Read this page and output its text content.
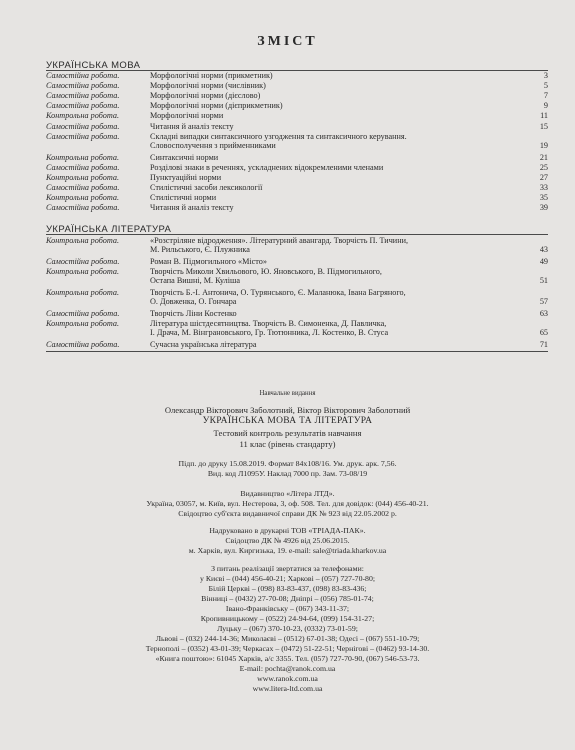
ЗМІСТ
УКРАЇНСЬКА МОВА
Самостійна робота.	Морфологічні норми (прикметник)	3
Самостійна робота.	Морфологічні норми (числівник)	5
Самостійна робота.	Морфологічні норми (дієслово)	7
Самостійна робота.	Морфологічні норми (дієприкметник)	9
Контрольна робота.	Морфологічні норми	11
Самостійна робота.	Читання й аналіз тексту	15
Самостійна робота.	Складні випадки синтаксичного узгодження та синтаксичного керування.
Словосполучення з прийменниками	19
Контрольна робота.	Синтаксичні норми	21
Самостійна робота.	Розділові знаки в реченнях, ускладнених відокремленими членами	25
Контрольна робота.	Пунктуаційні норми	27
Самостійна робота.	Стилістичні засоби лексикології	33
Контрольна робота.	Стилістичні норми	35
Самостійна робота.	Читання й аналіз тексту	39
УКРАЇНСЬКА ЛІТЕРАТУРА
Контрольна робота.	«Розстріляне відродження». Літературний авангард. Творчість П. Тичини,
М. Рильського, Є. Плужника	43
Самостійна робота.	Роман В. Підмогильного «Місто»	49
Контрольна робота.	Творчість Миколи Хвильового, Ю. Яновського, В. Підмогильного,
Остапа Вишні, М. Куліша	51
Контрольна робота.	Творчість Б.-І. Антонича, О. Турянського, Є. Маланюка, Івана Багряного,
О. Довженка, О. Гончара	57
Самостійна робота.	Творчість Ліни Костенко	63
Контрольна робота.	Література шістдесятництва. Творчість В. Симоненка, Д. Павличка,
І. Драча, М. Вінграновського, Гр. Тютюнника, Л. Костенко, В. Стуса	65
Самостійна робота.	Сучасна українська література	71
Навчальне видання
Олександр Вікторович Заболотний, Віктор Вікторович Заболотний
УКРАЇНСЬКА МОВА ТА ЛІТЕРАТУРА
Тестовий контроль результатів навчання
11 клас (рівень стандарту)
Підп. до друку 15.08.2019. Формат 84х108/16. Ум. друк. арк. 7,56.
Вид. код Л1095У. Наклад 7000 пр. Зам. 73-08/19
Видавництво «Літера ЛТД».
Україна, 03057, м. Київ, вул. Нестерова, 3, оф. 508. Тел. для довідок: (044) 456-40-21.
Свідоцтво суб'єкта видавничої справи ДК № 923 від 22.05.2002 р.
Надруковано в друкарні ТОВ «ТРІАДА-ПАК».
Свідоцтво ДК № 4926 від 25.06.2015.
м. Харків, вул. Киргизька, 19. e-mail: sale@triada.kharkov.ua
З питань реалізації звертатися за телефонами:
у Києві – (044) 456-40-21; Харкові – (057) 727-70-80;
Білій Церкві – (098) 83-83-437, (098) 83-83-436;
Вінниці – (0432) 27-70-08; Дніпрі – (056) 785-01-74;
Івано-Франківську – (067) 343-11-37;
Кропивницькому – (0522) 24-94-64, (099) 154-31-27;
Луцьку – (067) 370-10-23, (0332) 73-01-59;
Львові – (032) 244-14-36; Миколаєві – (0512) 67-01-38; Одесі – (067) 551-10-79;
Тернополі – (0352) 43-01-39; Черкасах – (0472) 51-22-51; Чернігові – (0462) 93-14-30.
«Книга поштою»: 61045 Харків, а/с 3355. Тел. (057) 727-70-90, (067) 546-53-73.
E-mail: pochta@ranok.com.ua
www.ranok.com.ua
www.litera-ltd.com.ua
